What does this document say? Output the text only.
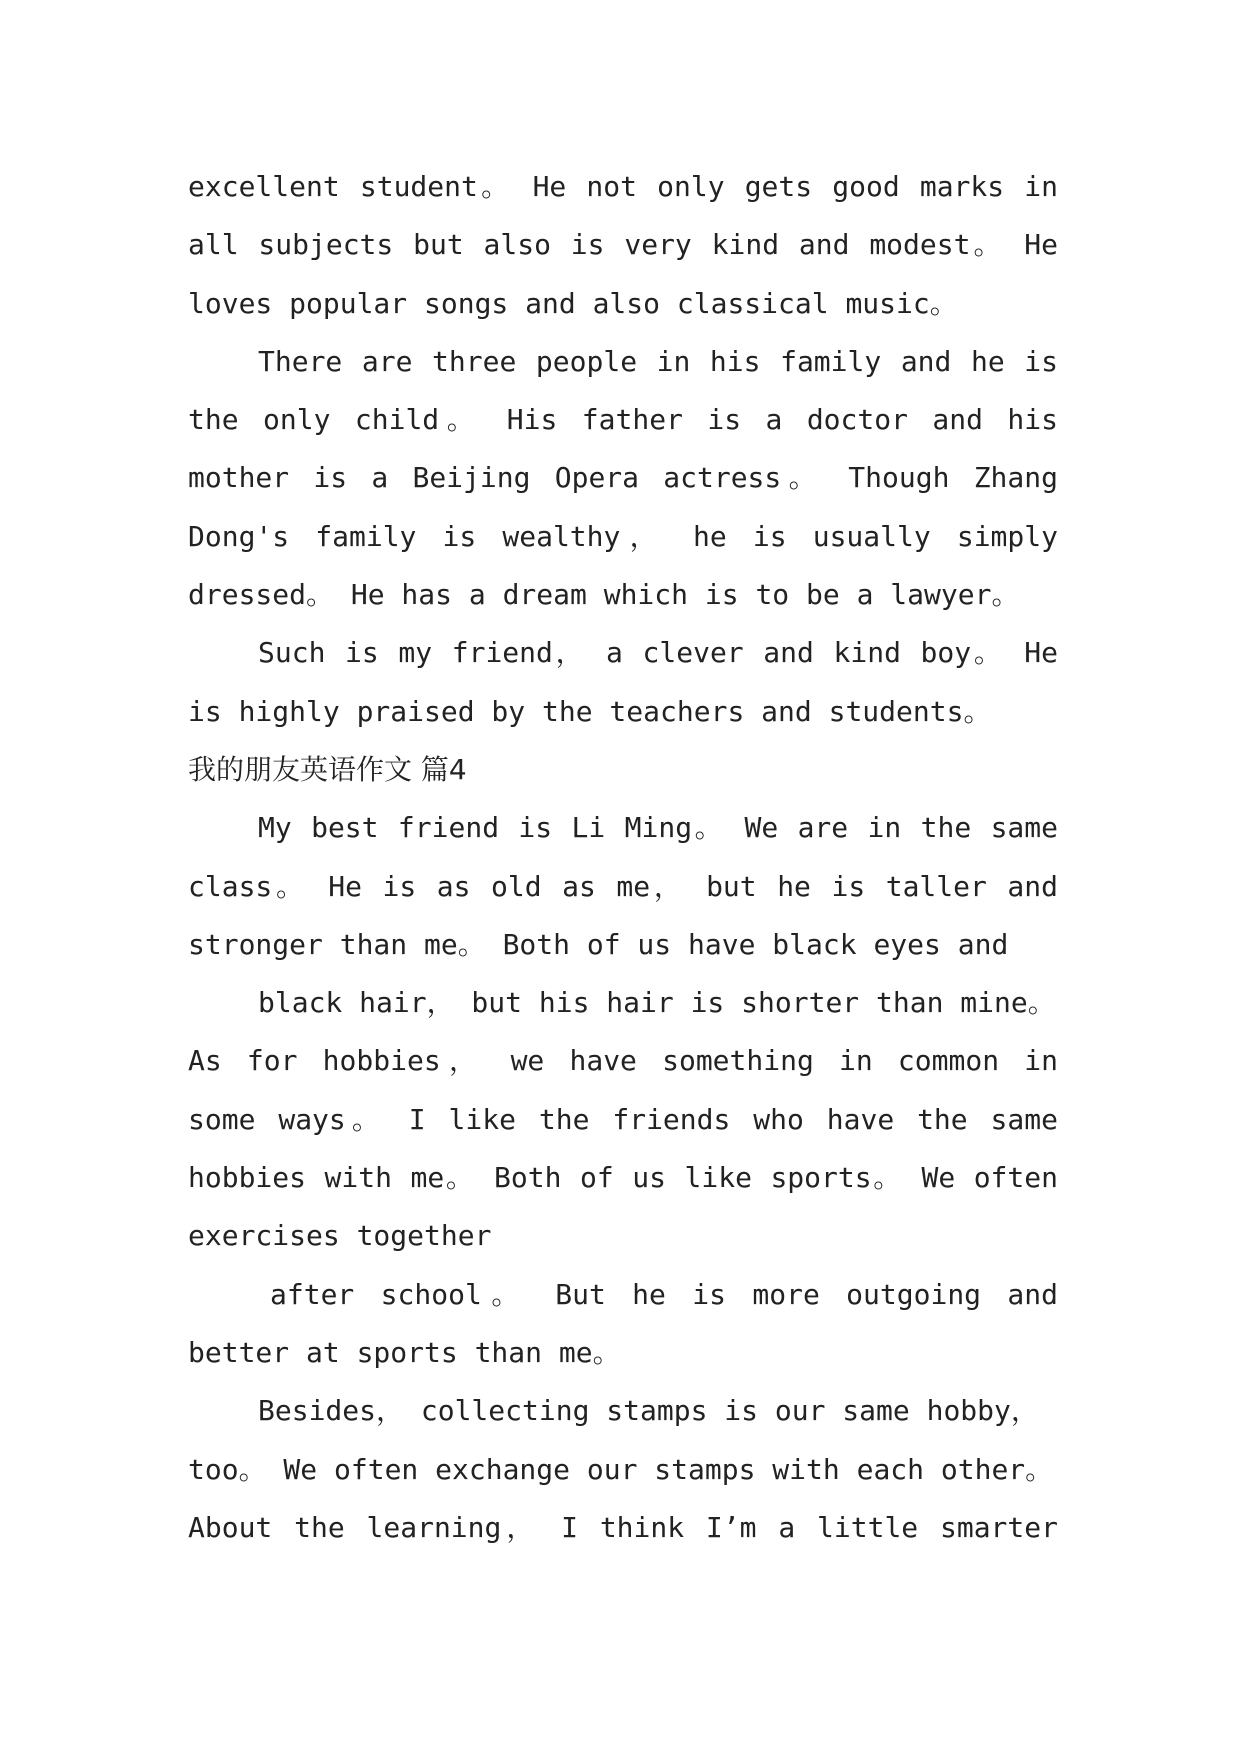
excellent student。 He not only gets good marks in
all subjects but also is very kind and modest。 He
loves popular songs and also classical music。
There are three people in his family and he is
the only child。 His father is a doctor and his
mother is a Beijing Opera actress。 Though Zhang
Dong's family is wealthy， he is usually simply
dressed。 He has a dream which is to be a lawyer。
Such is my friend， a clever and kind boy。 He
is highly praised by the teachers and students。
我的朋友英语作文 篇4
My best friend is Li Ming。 We are in the same
class。 He is as old as me， but he is taller and
stronger than me。 Both of us have black eyes and
black hair， but his hair is shorter than mine。
As for hobbies， we have something in common in
some ways。 I like the friends who have the same
hobbies with me。 Both of us like sports。 We often
exercises together
after school。 But he is more outgoing and
better at sports than me。
Besides， collecting stamps is our same hobby，
too。 We often exchange our stamps with each other。
About the learning， I think I’m a little smarter
